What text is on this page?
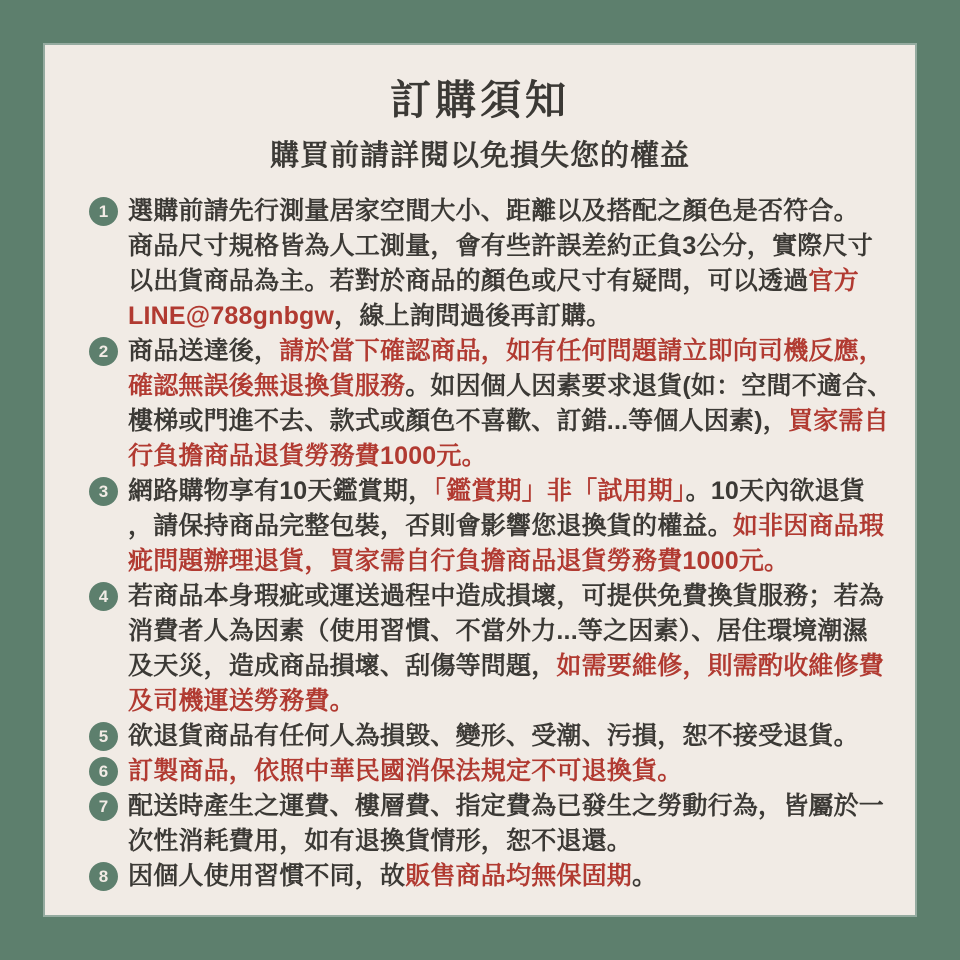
訂購須知
購買前請詳閱以免損失您的權益
1 選購前請先行測量居家空間大小、距離以及搭配之顏色是否符合。
商品尺寸規格皆為人工測量，會有些許誤差約正負3公分，實際尺寸
以出貨商品為主。若對於商品的顏色或尺寸有疑問，可以透過官方
LINE@788gnbgw，線上詢問過後再訂購。
2 商品送達後，請於當下確認商品，如有任何問題請立即向司機反應，
確認無誤後無退換貨服務。如因個人因素要求退貨(如：空間不適合、
樓梯或門進不去、款式或顏色不喜歡、訂錯...等個人因素)，買家需自
行負擔商品退貨勞務費1000元。
3 網路購物享有10天鑑賞期，「鑑賞期」非「試用期」。10天內欲退貨
，請保持商品完整包裝，否則會影響您退換貨的權益。如非因商品瑕
疵問題辦理退貨，買家需自行負擔商品退貨勞務費1000元。
4 若商品本身瑕疵或運送過程中造成損壞，可提供免費換貨服務；若為
消費者人為因素（使用習慣、不當外力...等之因素）、居住環境潮濕
及天災，造成商品損壞、刮傷等問題，如需要維修，則需酌收維修費
及司機運送勞務費。
5 欲退貨商品有任何人為損毀、變形、受潮、污損，恕不接受退貨。
6 訂製商品，依照中華民國消保法規定不可退換貨。
7 配送時產生之運費、樓層費、指定費為已發生之勞動行為，皆屬於一
次性消耗費用，如有退換貨情形，恕不退還。
8 因個人使用習慣不同，故販售商品均無保固期。
